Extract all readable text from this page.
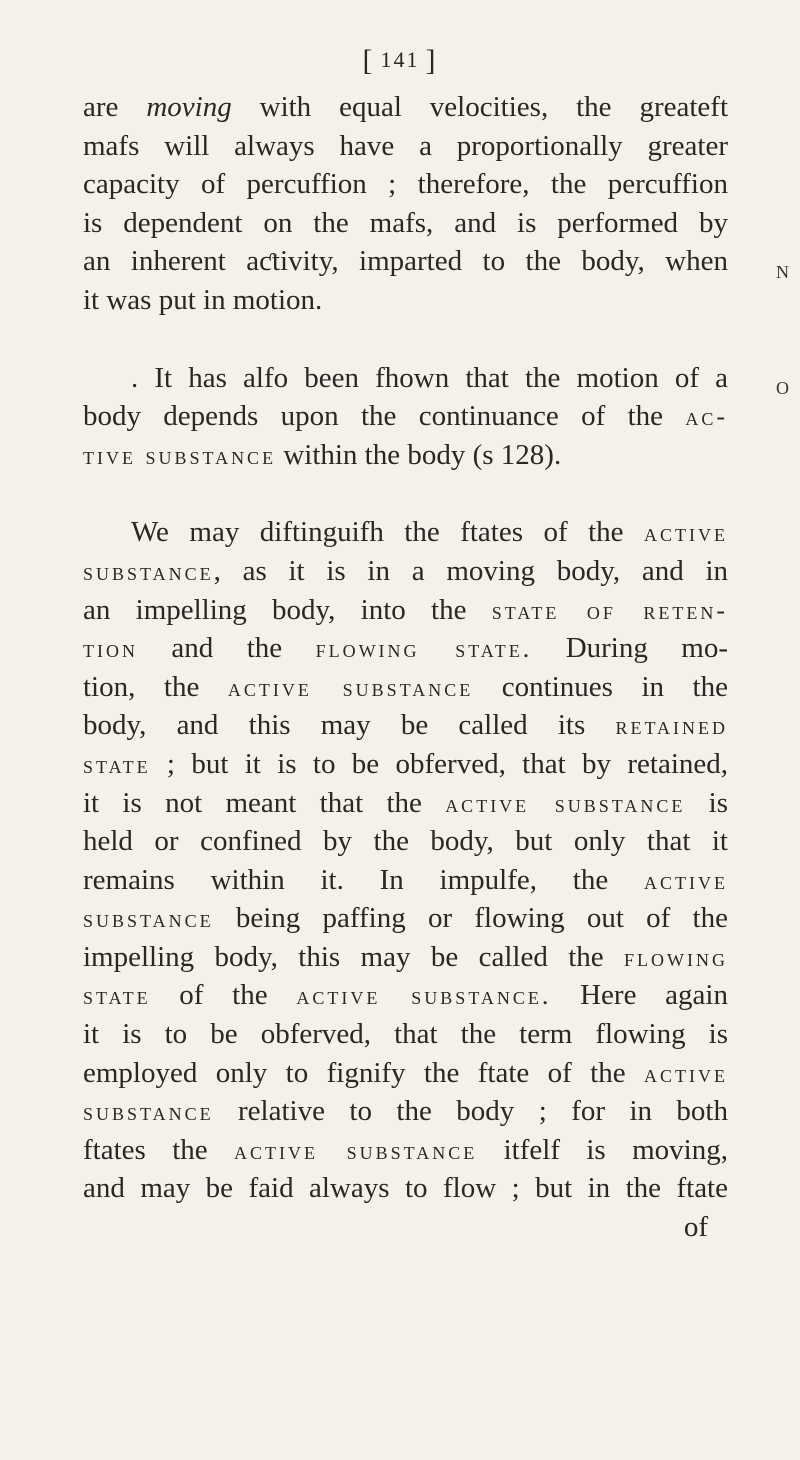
[ 141 ]
N
O
are moving with equal velocities, the greateft
mafs will always have a proportionally greater
capacity of percuffion ; therefore, the percuffion
is dependent on the mafs, and is performed by
an inherent aƈtivity, imparted to the body, when
it was put in motion.
. It has alfo been fhown that the motion of a
body depends upon the continuance of the ac-
tive substance within the body (s 128).
We may diftinguifh the ftates of the active
substance, as it is in a moving body, and in
an impelling body, into the state of reten-
tion and the flowing state. During mo-
tion, the active substance continues in the
body, and this may be called its retained
state ; but it is to be obferved, that by retained,
it is not meant that the active substance is
held or confined by the body, but only that it
remains within it. In impulfe, the active
substance being paffing or flowing out of the
impelling body, this may be called the flowing
state of the active substance. Here again
it is to be obferved, that the term flowing is
employed only to fignify the ftate of the active
substance relative to the body ; for in both
ftates the active substance itfelf is moving,
and may be faid always to flow ; but in the ftate
of
